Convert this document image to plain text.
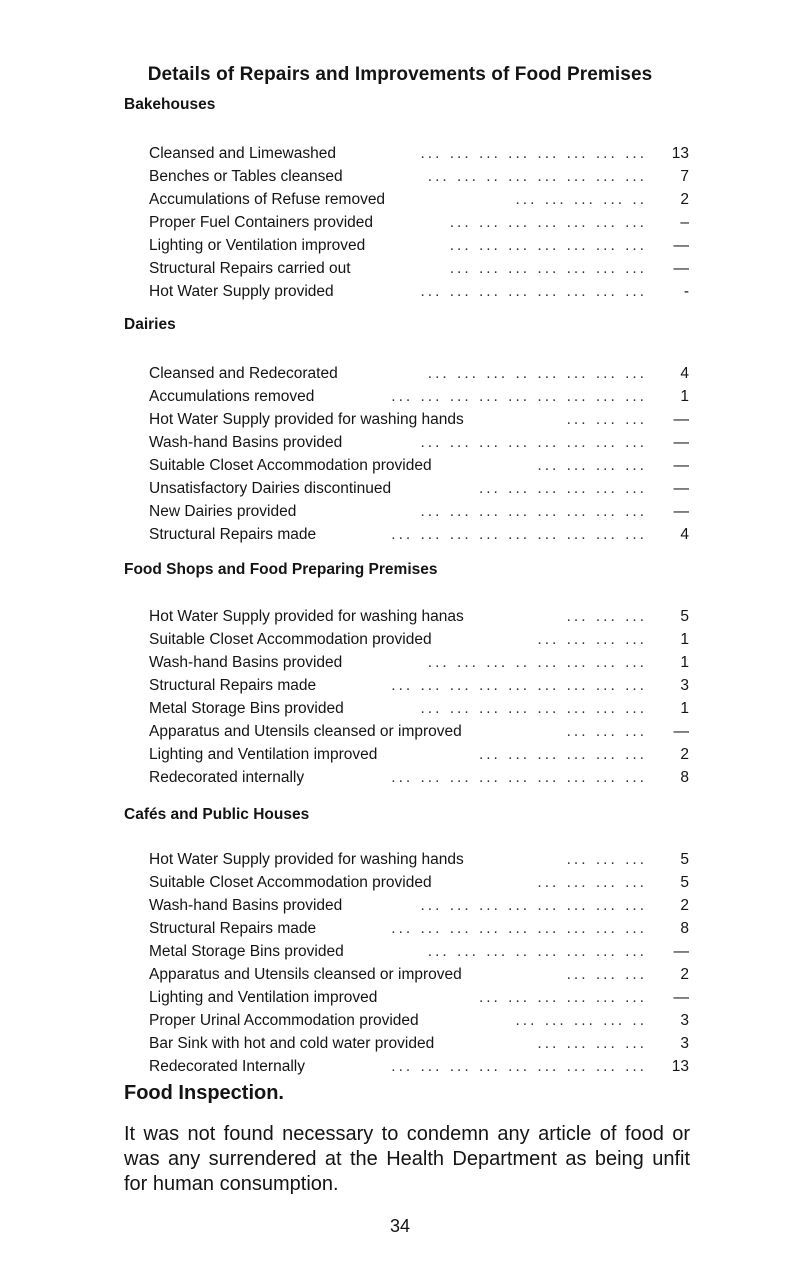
Details of Repairs and Improvements of Food Premises
Bakehouses
Cleansed and Limewashed	... ... ... ... ... ... ... ...	13
Benches or Tables cleansed	... ... .. ... ... ... ... ...	7
Accumulations of Refuse removed	... ... ... ... ..	2
Proper Fuel Containers provided	... ... ... ... ... ... ...	–
Lighting or Ventilation improved	... ... ... ... ... ... ...	—
Structural Repairs carried out	... ... ... ... ... ... ...	—
Hot Water Supply provided	... ... ... ... ... ... ... ...	-
Dairies
Cleansed and Redecorated	... ... ... .. ... ... ... ...	4
Accumulations removed	... ... ... ... ... ... ... ... ...	1
Hot Water Supply provided for washing hands	... ... ...	—
Wash-hand Basins provided	... ... ... ... ... ... ... ...	—
Suitable Closet Accommodation provided	... ... ... ...	—
Unsatisfactory Dairies discontinued	... ... ... ... ... ...	—
New Dairies provided	... ... ... ... ... ... ... ...	—
Structural Repairs made	... ... ... ... ... ... ... ... ...	4
Food Shops and Food Preparing Premises
Hot Water Supply provided for washing hanas	... ... ...	5
Suitable Closet Accommodation provided	... ... ... ...	1
Wash-hand Basins provided	... ... ... .. ... ... ... ...	1
Structural Repairs made	... ... ... ... ... ... ... ... ...	3
Metal Storage Bins provided	... ... ... ... ... ... ... ...	1
Apparatus and Utensils cleansed or improved	... ... ...	—
Lighting and Ventilation improved	... ... ... ... ... ...	2
Redecorated internally	... ... ... ... ... ... ... ... ...	8
Cafés and Public Houses
Hot Water Supply provided for washing hands	... ... ...	5
Suitable Closet Accommodation provided	... ... ... ...	5
Wash-hand Basins provided	... ... ... ... ... ... ... ...	2
Structural Repairs made	... ... ... ... ... ... ... ... ...	8
Metal Storage Bins provided	... ... ... .. ... ... ... ...	—
Apparatus and Utensils cleansed or improved	... ... ...	2
Lighting and Ventilation improved	... ... ... ... ... ...	—
Proper Urinal Accommodation provided	... ... ... ... ..	3
Bar Sink with hot and cold water provided	... ... ... ...	3
Redecorated Internally	... ... ... ... ... ... ... ... ...	13
Food Inspection.
It was not found necessary to condemn any article of food or was any surrendered at the Health Department as being unfit for human consumption.
34
